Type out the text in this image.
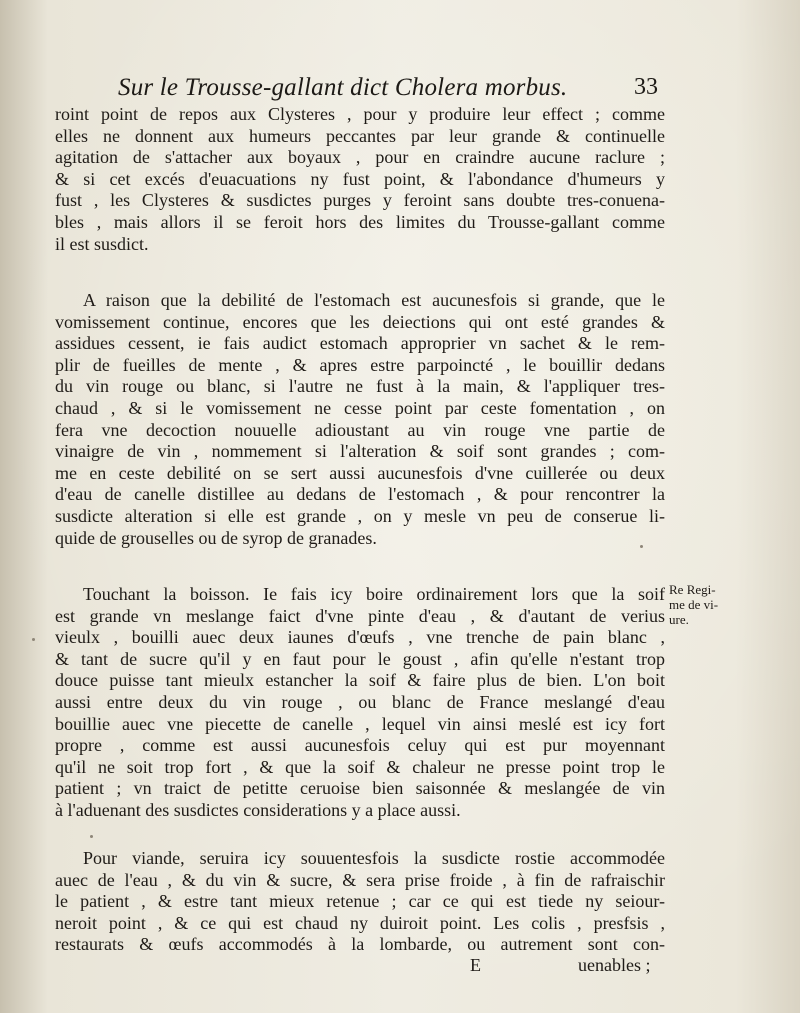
Sur le Trousse-gallant dict Cholera morbus.	33
roint point de repos aux Clysteres , pour y produire leur effect ; comme
elles ne donnent aux humeurs peccantes par leur grande & continuelle
agitation de s'attacher aux boyaux , pour en craindre aucune raclure ;
& si cet excés d'euacuations ny fust point, & l'abondance d'humeurs y
fust , les Clysteres & susdictes purges y feroint sans doubte tres-conuena-
bles , mais allors il se feroit hors des limites du Trousse-gallant comme
il est susdict.
A raison que la debilité de l'estomach est aucunesfois si grande, que le
vomissement continue, encores que les deiections qui ont esté grandes &
assidues cessent, ie fais audict estomach approprier vn sachet & le rem-
plir de fueilles de mente , & apres estre parpoincté , le bouillir dedans
du vin rouge ou blanc, si l'autre ne fust à la main, & l'appliquer tres-
chaud , & si le vomissement ne cesse point par ceste fomentation , on
fera vne decoction nouuelle adioustant au vin rouge vne partie de
vinaigre de vin , nommement si l'alteration & soif sont grandes ; com-
me en ceste debilité on se sert aussi aucunesfois d'vne cuillerée ou deux
d'eau de canelle distillee au dedans de l'estomach , & pour rencontrer la
susdicte alteration si elle est grande , on y mesle vn peu de conserue li-
quide de grouselles ou de syrop de granades.
Touchant la boisson. Ie fais icy boire ordinairement lors que la soif
est grande vn meslange faict d'vne pinte d'eau , & d'autant de verius
vieulx , bouilli auec deux iaunes d'œufs , vne trenche de pain blanc ,
& tant de sucre qu'il y en faut pour le goust , afin qu'elle n'estant trop
douce puisse tant mieulx estancher la soif & faire plus de bien. L'on boit
aussi entre deux du vin rouge , ou blanc de France meslangé d'eau
bouillie auec vne piecette de canelle , lequel vin ainsi meslé est icy fort
propre , comme est aussi aucunesfois celuy qui est pur moyennant
qu'il ne soit trop fort , & que la soif & chaleur ne presse point trop le
patient ; vn traict de petitte ceruoise bien saisonnée & meslangée de vin
à l'aduenant des susdictes considerations y a place aussi.
Re Regi-
me de vi-
ure.
Pour viande, seruira icy souuentesfois la susdicte rostie accommodée
auec de l'eau , & du vin & sucre, & sera prise froide , à fin de rafraischir
le patient , & estre tant mieux retenue ; car ce qui est tiede ny seiour-
neroit point , & ce qui est chaud ny duiroit point. Les colis , presfsis ,
restaurats & œufs accommodés à la lombarde, ou autrement sont con-
E	uenables ;
